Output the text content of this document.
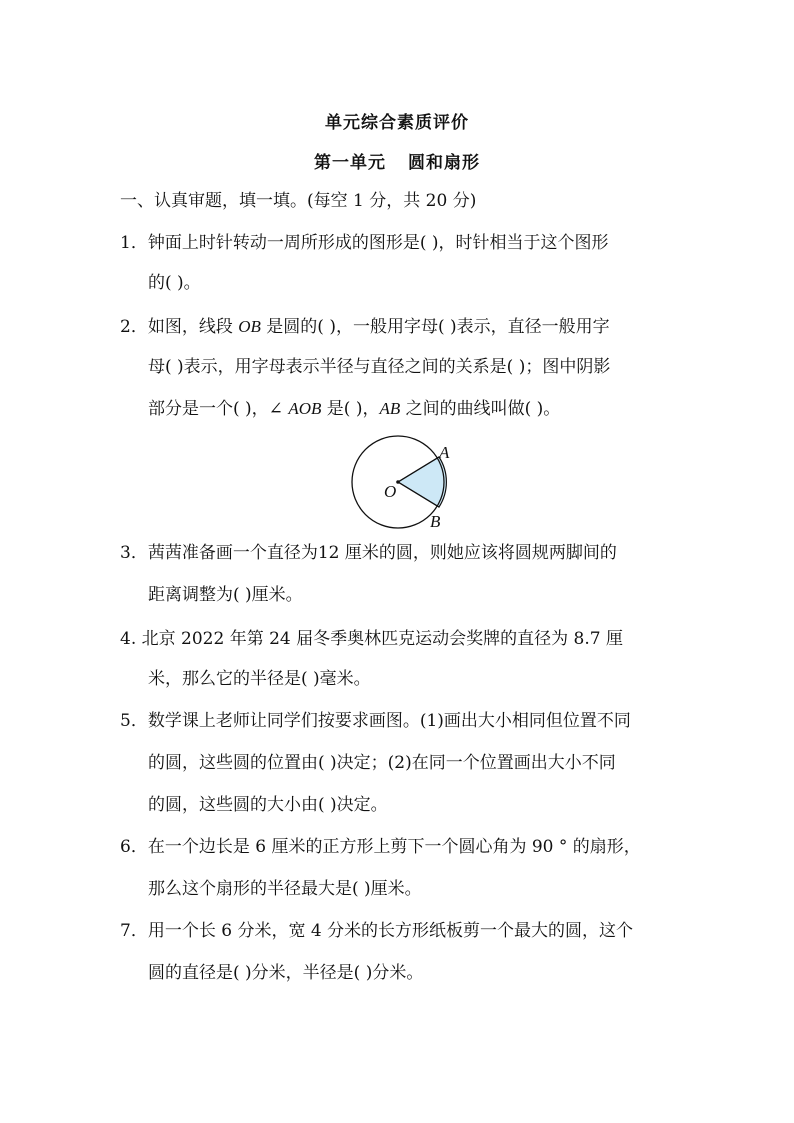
单元综合素质评价
第一单元 圆和扇形
一、认真审题，填一填。(每空 1 分，共 20 分)
1．钟面上时针转动一周所形成的图形是( )，时针相当于这个图形
的( )。
2．如图，线段 OB 是圆的( )，一般用字母( )表示，直径一般用字
母( )表示，用字母表示半径与直径之间的关系是( )；图中阴影
部分是一个( )，∠ AOB 是( )，AB 之间的曲线叫做( )。
O
A
B
3．茜茜准备画一个直径为12 厘米的圆，则她应该将圆规两脚间的
距离调整为( )厘米。
4. 北京 2022 年第 24 届冬季奥林匹克运动会奖牌的直径为 8.7 厘
米，那么它的半径是( )毫米。
5．数学课上老师让同学们按要求画图。(1)画出大小相同但位置不同
的圆，这些圆的位置由( )决定；(2)在同一个位置画出大小不同
的圆，这些圆的大小由( )决定。
6．在一个边长是 6 厘米的正方形上剪下一个圆心角为 90 ° 的扇形，
那么这个扇形的半径最大是( )厘米。
7．用一个长 6 分米，宽 4 分米的长方形纸板剪一个最大的圆，这个
圆的直径是( )分米，半径是( )分米。
